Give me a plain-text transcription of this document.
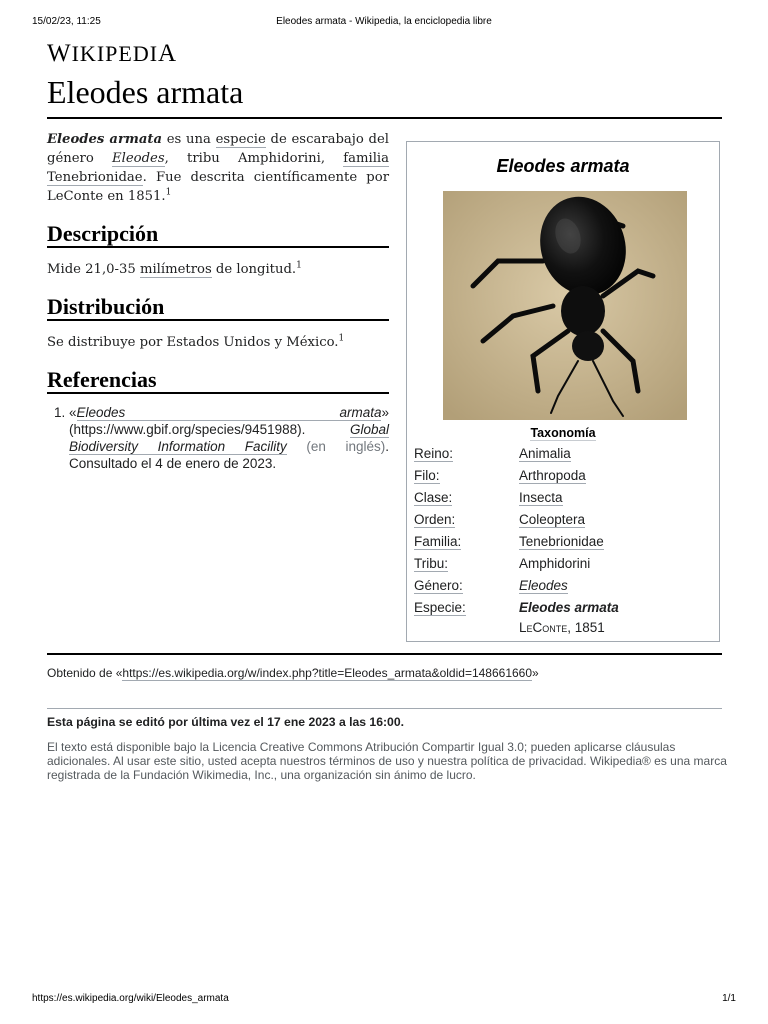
15/02/23, 11:25	Eleodes armata - Wikipedia, la enciclopedia libre
WIKIPEDIA
Eleodes armata

Eleodes armata es una especie de escarabajo del género Eleodes, tribu Amphidorini, familia Tenebrionidae. Fue descrita científicamente por LeConte en 1851.$^1$

Descripción

Mide 21,0-35 milímetros de longitud.$^1$

Distribución

Se distribuye por Estados Unidos y México.$^1$

Referencias
1. «Eleodes armata» (https://www.gbif.org/species/9451988).	Global Biodiversity Information Facility (en inglés). Consultado el 4 de enero de 2023.
Eleodes armata
Taxonomía
Reino:	Animalia
Filo:	Arthropoda
Clase:	Insecta
Orden:	Coleoptera
Familia:	Tenebrionidae
Tribu:	Amphidorini
Género:	Eleodes
Especie:	Eleodes armata
LeConte, 1851
Obtenido de «https://es.wikipedia.org/w/index.php?title=Eleodes_armata&oldid=148661660»
Esta página se editó por última vez el 17 ene 2023 a las 16:00.
El texto está disponible bajo la Licencia Creative Commons Atribución Compartir Igual 3.0; pueden aplicarse cláusulas adicionales. Al usar este sitio, usted acepta nuestros términos de uso y nuestra política de privacidad. Wikipedia® es una marca registrada de la Fundación Wikimedia, Inc., una organización sin ánimo de lucro.
https://es.wikipedia.org/wiki/Eleodes_armata	1/1
